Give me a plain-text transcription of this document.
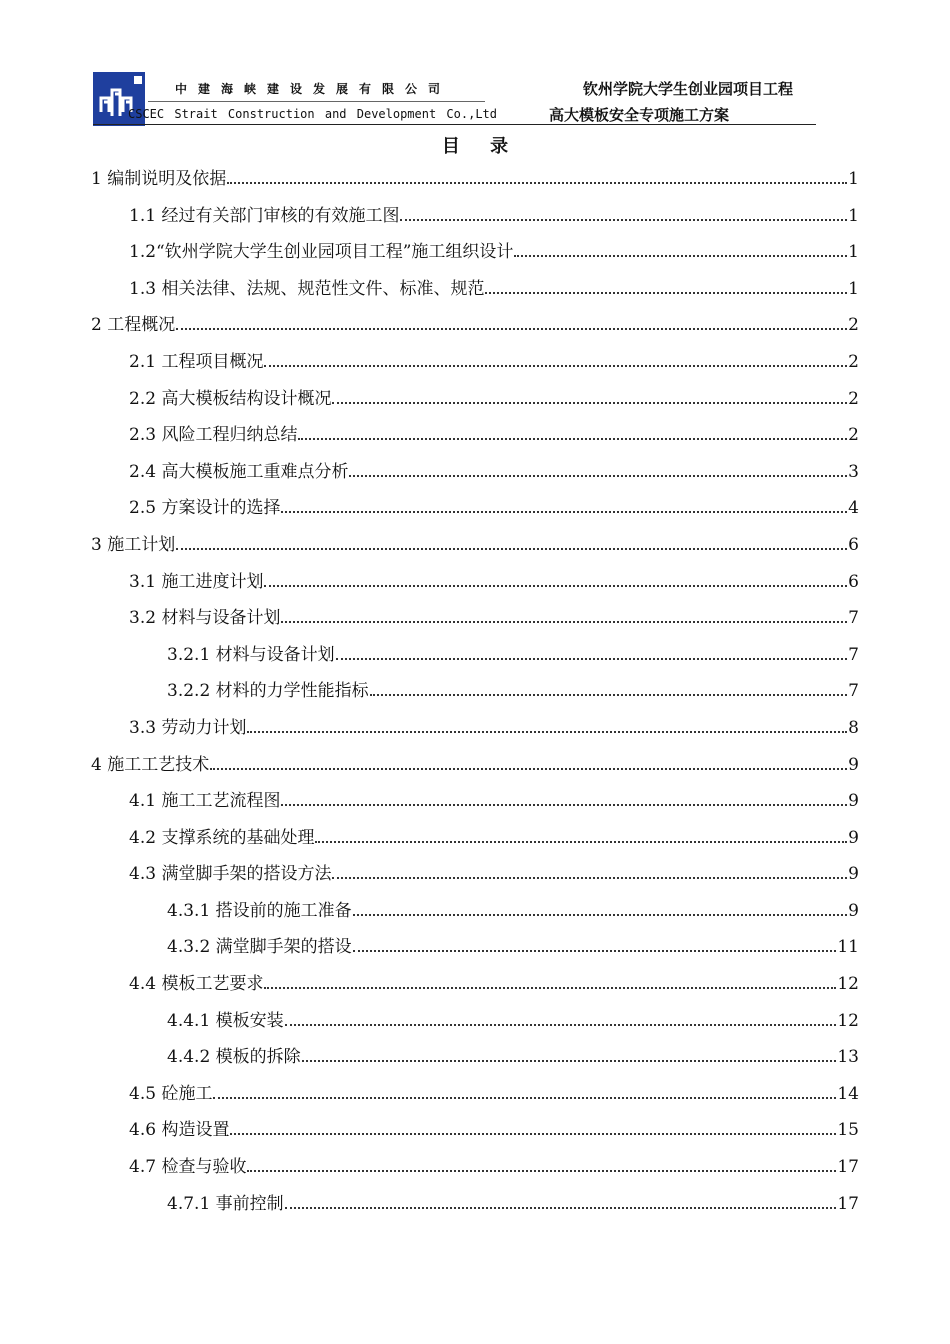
中建海峡建设发展有限公司
CSCEC Strait Construction and Development Co.,Ltd
钦州学院大学生创业园项目工程
高大模板安全专项施工方案
目 录
1 编制说明及依据	1
1.1 经过有关部门审核的有效施工图	1
1.2“钦州学院大学生创业园项目工程”施工组织设计	1
1.3 相关法律、法规、规范性文件、标准、规范	1
2 工程概况	2
2.1 工程项目概况	2
2.2 高大模板结构设计概况	2
2.3 风险工程归纳总结	2
2.4 高大模板施工重难点分析	3
2.5 方案设计的选择	4
3 施工计划	6
3.1 施工进度计划	6
3.2 材料与设备计划	7
3.2.1 材料与设备计划	7
3.2.2 材料的力学性能指标	7
3.3 劳动力计划	8
4 施工工艺技术	9
4.1 施工工艺流程图	9
4.2 支撑系统的基础处理	9
4.3 满堂脚手架的搭设方法	9
4.3.1 搭设前的施工准备	9
4.3.2 满堂脚手架的搭设	11
4.4 模板工艺要求	12
4.4.1 模板安装	12
4.4.2 模板的拆除	13
4.5 砼施工	14
4.6 构造设置	15
4.7 检查与验收	17
4.7.1 事前控制	17
